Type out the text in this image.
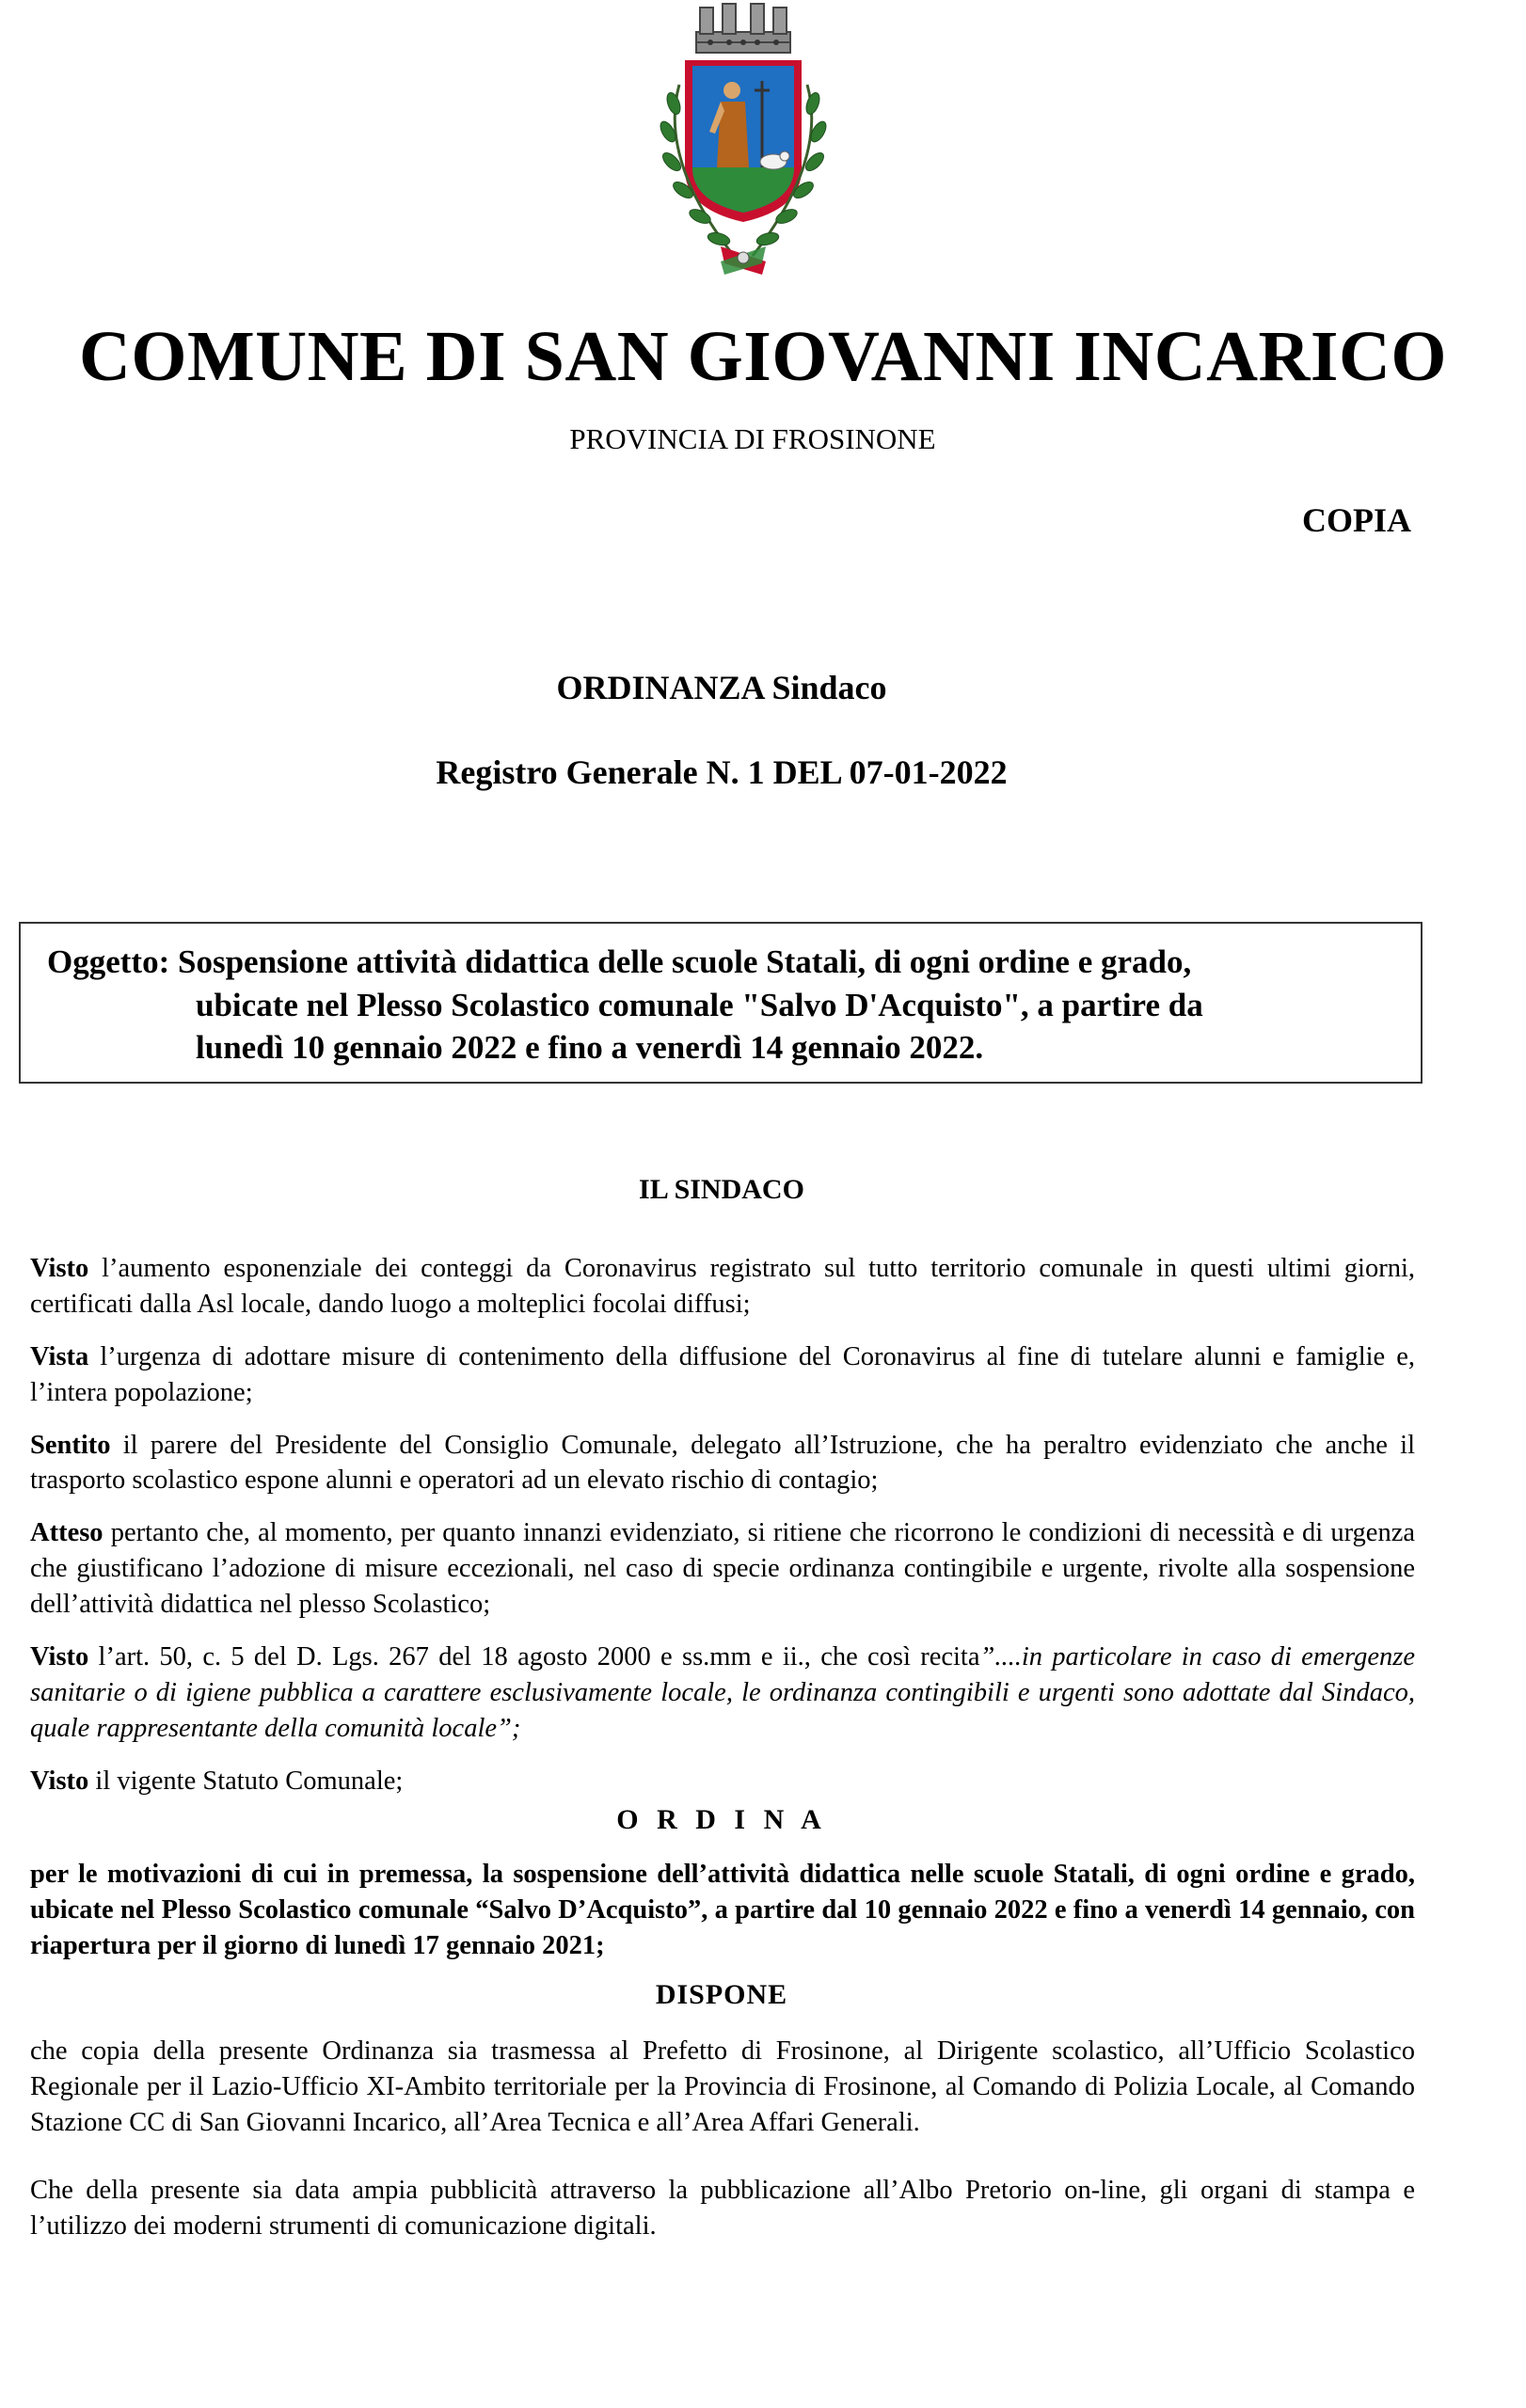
COMUNE DI SAN GIOVANNI INCARICO
PROVINCIA DI FROSINONE
COPIA
ORDINANZA Sindaco
Registro Generale N. 1 DEL 07-01-2022
Oggetto: Sospensione attività didattica delle scuole Statali, di ogni ordine e grado,
ubicate nel Plesso Scolastico comunale "Salvo D'Acquisto", a partire da
lunedì 10 gennaio 2022 e fino a venerdì 14 gennaio 2022.
IL SINDACO

Visto l’aumento esponenziale dei conteggi da Coronavirus registrato sul tutto territorio comunale in questi ultimi giorni, certificati dalla Asl locale, dando luogo a molteplici focolai diffusi;

Vista l’urgenza di adottare misure di contenimento della diffusione del Coronavirus al fine di tutelare alunni e famiglie e, l’intera popolazione;

Sentito il parere del Presidente del Consiglio Comunale, delegato all’Istruzione, che ha peraltro evidenziato che anche il trasporto scolastico espone alunni e operatori ad un elevato rischio di contagio;

Atteso pertanto che, al momento, per quanto innanzi evidenziato, si ritiene che ricorrono le condizioni di necessità e di urgenza che giustificano l’adozione di misure eccezionali, nel caso di specie ordinanza contingibile e urgente, rivolte alla sospensione dell’attività didattica nel plesso Scolastico;

Visto l’art. 50, c. 5 del D. Lgs. 267 del 18 agosto 2000 e ss.mm e ii., che così recita”....in particolare in caso di emergenze sanitarie o di igiene pubblica a carattere esclusivamente locale, le ordinanza contingibili e urgenti sono adottate dal Sindaco, quale rappresentante della comunità locale”;

Visto il vigente Statuto Comunale;

O R D I N A
per le motivazioni di cui in premessa, la sospensione dell’attività didattica nelle scuole Statali, di ogni ordine e grado, ubicate nel Plesso Scolastico comunale “Salvo D’Acquisto”, a partire dal 10 gennaio 2022 e fino a venerdì 14 gennaio, con riapertura per il giorno di lunedì 17 gennaio 2021;
DISPONE
che copia della presente Ordinanza sia trasmessa al Prefetto di Frosinone, al Dirigente scolastico, all’Ufficio Scolastico Regionale per il Lazio-Ufficio XI-Ambito territoriale per la Provincia di Frosinone, al Comando di Polizia Locale, al Comando Stazione CC di San Giovanni Incarico, all’Area Tecnica e all’Area Affari Generali.
Che della presente sia data ampia pubblicità attraverso la pubblicazione all’Albo Pretorio on-line, gli organi di stampa e l’utilizzo dei moderni strumenti di comunicazione digitali.
